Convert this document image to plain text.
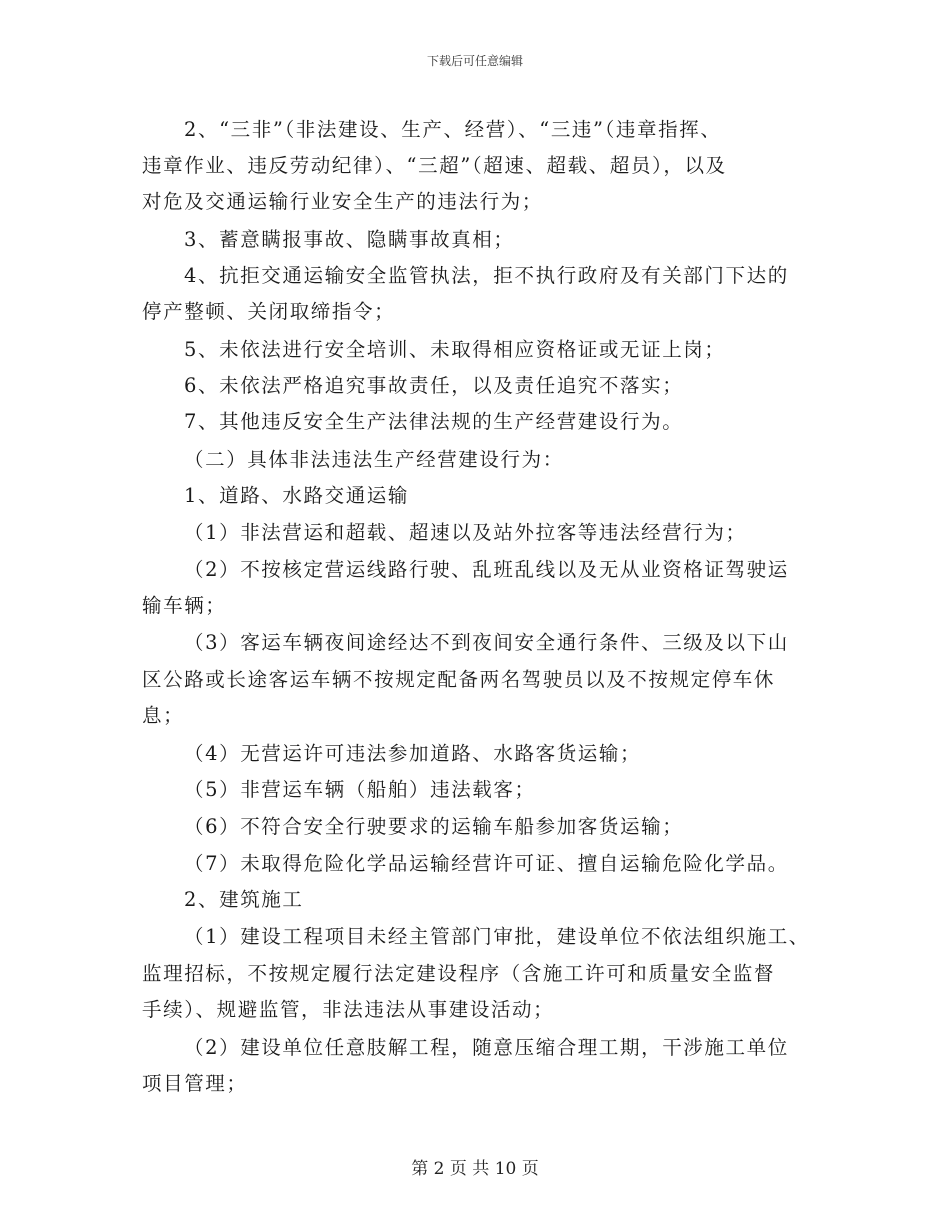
下载后可任意编辑
2、“三非”（非法建设、生产、经营）、“三违”（违章指挥、
违章作业、违反劳动纪律）、“三超”（超速、超载、超员），以及
对危及交通运输行业安全生产的违法行为；
3、蓄意瞒报事故、隐瞒事故真相；
4、抗拒交通运输安全监管执法，拒不执行政府及有关部门下达的
停产整顿、关闭取缔指令；
5、未依法进行安全培训、未取得相应资格证或无证上岗；
6、未依法严格追究事故责任，以及责任追究不落实；
7、其他违反安全生产法律法规的生产经营建设行为。
（二）具体非法违法生产经营建设行为：
1、道路、水路交通运输
（1）非法营运和超载、超速以及站外拉客等违法经营行为；
（2）不按核定营运线路行驶、乱班乱线以及无从业资格证驾驶运
输车辆；
（3）客运车辆夜间途经达不到夜间安全通行条件、三级及以下山
区公路或长途客运车辆不按规定配备两名驾驶员以及不按规定停车休
息；
（4）无营运许可违法参加道路、水路客货运输；
（5）非营运车辆（船舶）违法载客；
（6）不符合安全行驶要求的运输车船参加客货运输；
（7）未取得危险化学品运输经营许可证、擅自运输危险化学品。
2、建筑施工
（1）建设工程项目未经主管部门审批，建设单位不依法组织施工、
监理招标，不按规定履行法定建设程序（含施工许可和质量安全监督
手续）、规避监管，非法违法从事建设活动；
（2）建设单位任意肢解工程，随意压缩合理工期，干涉施工单位
项目管理；
第 2 页 共 10 页
